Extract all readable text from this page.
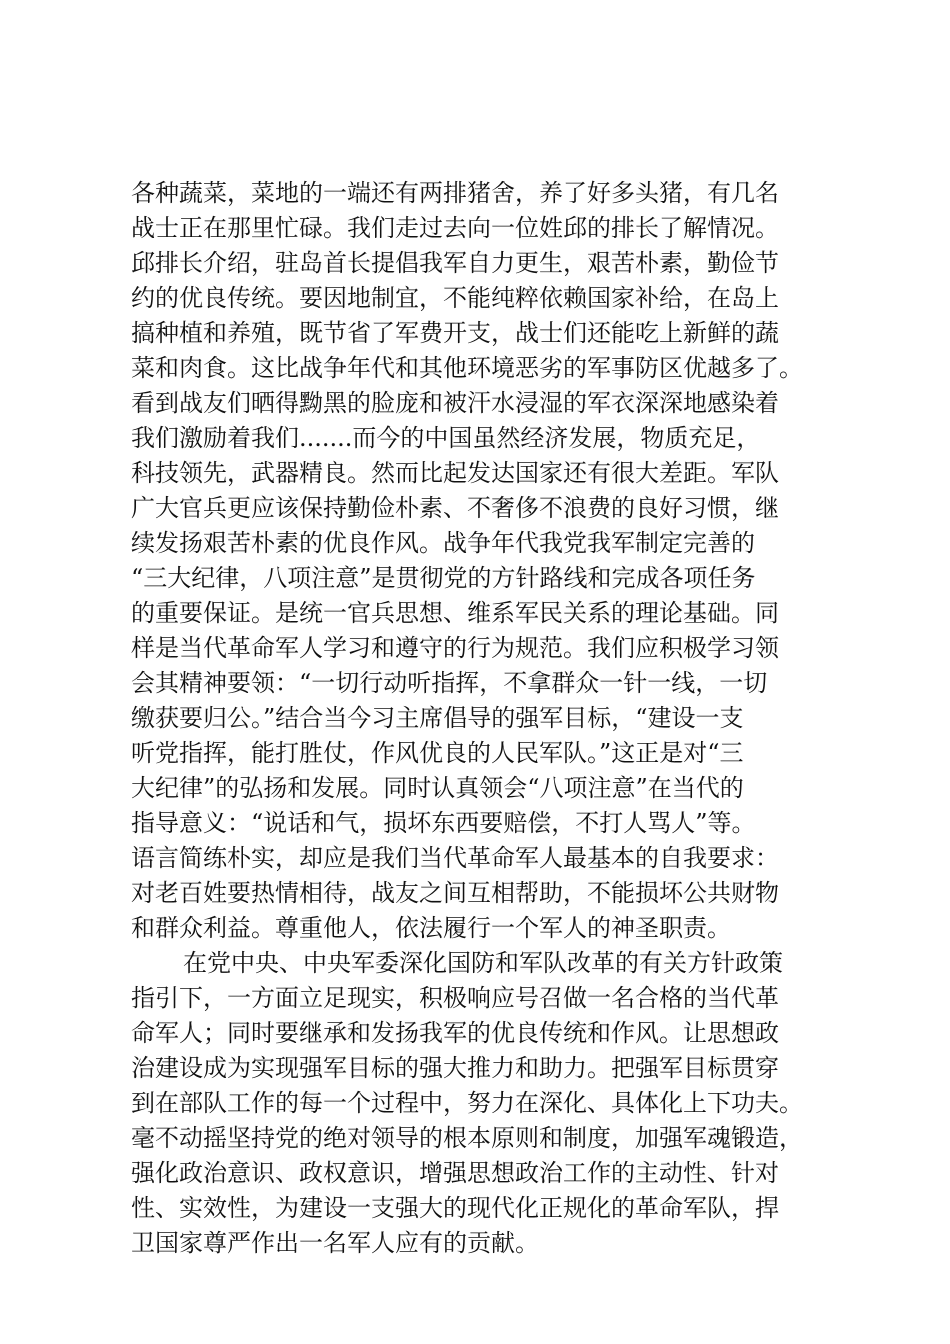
各种蔬菜，菜地的一端还有两排猪舍，养了好多头猪，有几名
战士正在那里忙碌。我们走过去向一位姓邱的排长了解情况。
邱排长介绍，驻岛首长提倡我军自力更生，艰苦朴素，勤俭节
约的优良传统。要因地制宜，不能纯粹依赖国家补给，在岛上
搞种植和养殖，既节省了军费开支，战士们还能吃上新鲜的蔬
菜和肉食。这比战争年代和其他环境恶劣的军事防区优越多了。
看到战友们晒得黝黑的脸庞和被汗水浸湿的军衣深深地感染着
我们激励着我们.......而今的中国虽然经济发展，物质充足，
科技领先，武器精良。然而比起发达国家还有很大差距。军队
广大官兵更应该保持勤俭朴素、不奢侈不浪费的良好习惯，继
续发扬艰苦朴素的优良作风。战争年代我党我军制定完善的
“三大纪律，八项注意”是贯彻党的方针路线和完成各项任务
的重要保证。是统一官兵思想、维系军民关系的理论基础。同
样是当代革命军人学习和遵守的行为规范。我们应积极学习领
会其精神要领：“一切行动听指挥，不拿群众一针一线，一切
缴获要归公。”结合当今习主席倡导的强军目标，“建设一支
听党指挥，能打胜仗，作风优良的人民军队。”这正是对“三
大纪律”的弘扬和发展。同时认真领会“八项注意”在当代的
指导意义：“说话和气，损坏东西要赔偿，不打人骂人”等。
语言简练朴实，却应是我们当代革命军人最基本的自我要求：
对老百姓要热情相待，战友之间互相帮助，不能损坏公共财物
和群众利益。尊重他人，依法履行一个军人的神圣职责。
在党中央、中央军委深化国防和军队改革的有关方针政策
指引下，一方面立足现实，积极响应号召做一名合格的当代革
命军人；同时要继承和发扬我军的优良传统和作风。让思想政
治建设成为实现强军目标的强大推力和助力。把强军目标贯穿
到在部队工作的每一个过程中，努力在深化、具体化上下功夫。
毫不动摇坚持党的绝对领导的根本原则和制度，加强军魂锻造，
强化政治意识、政权意识，增强思想政治工作的主动性、针对
性、实效性，为建设一支强大的现代化正规化的革命军队，捍
卫国家尊严作出一名军人应有的贡献。
